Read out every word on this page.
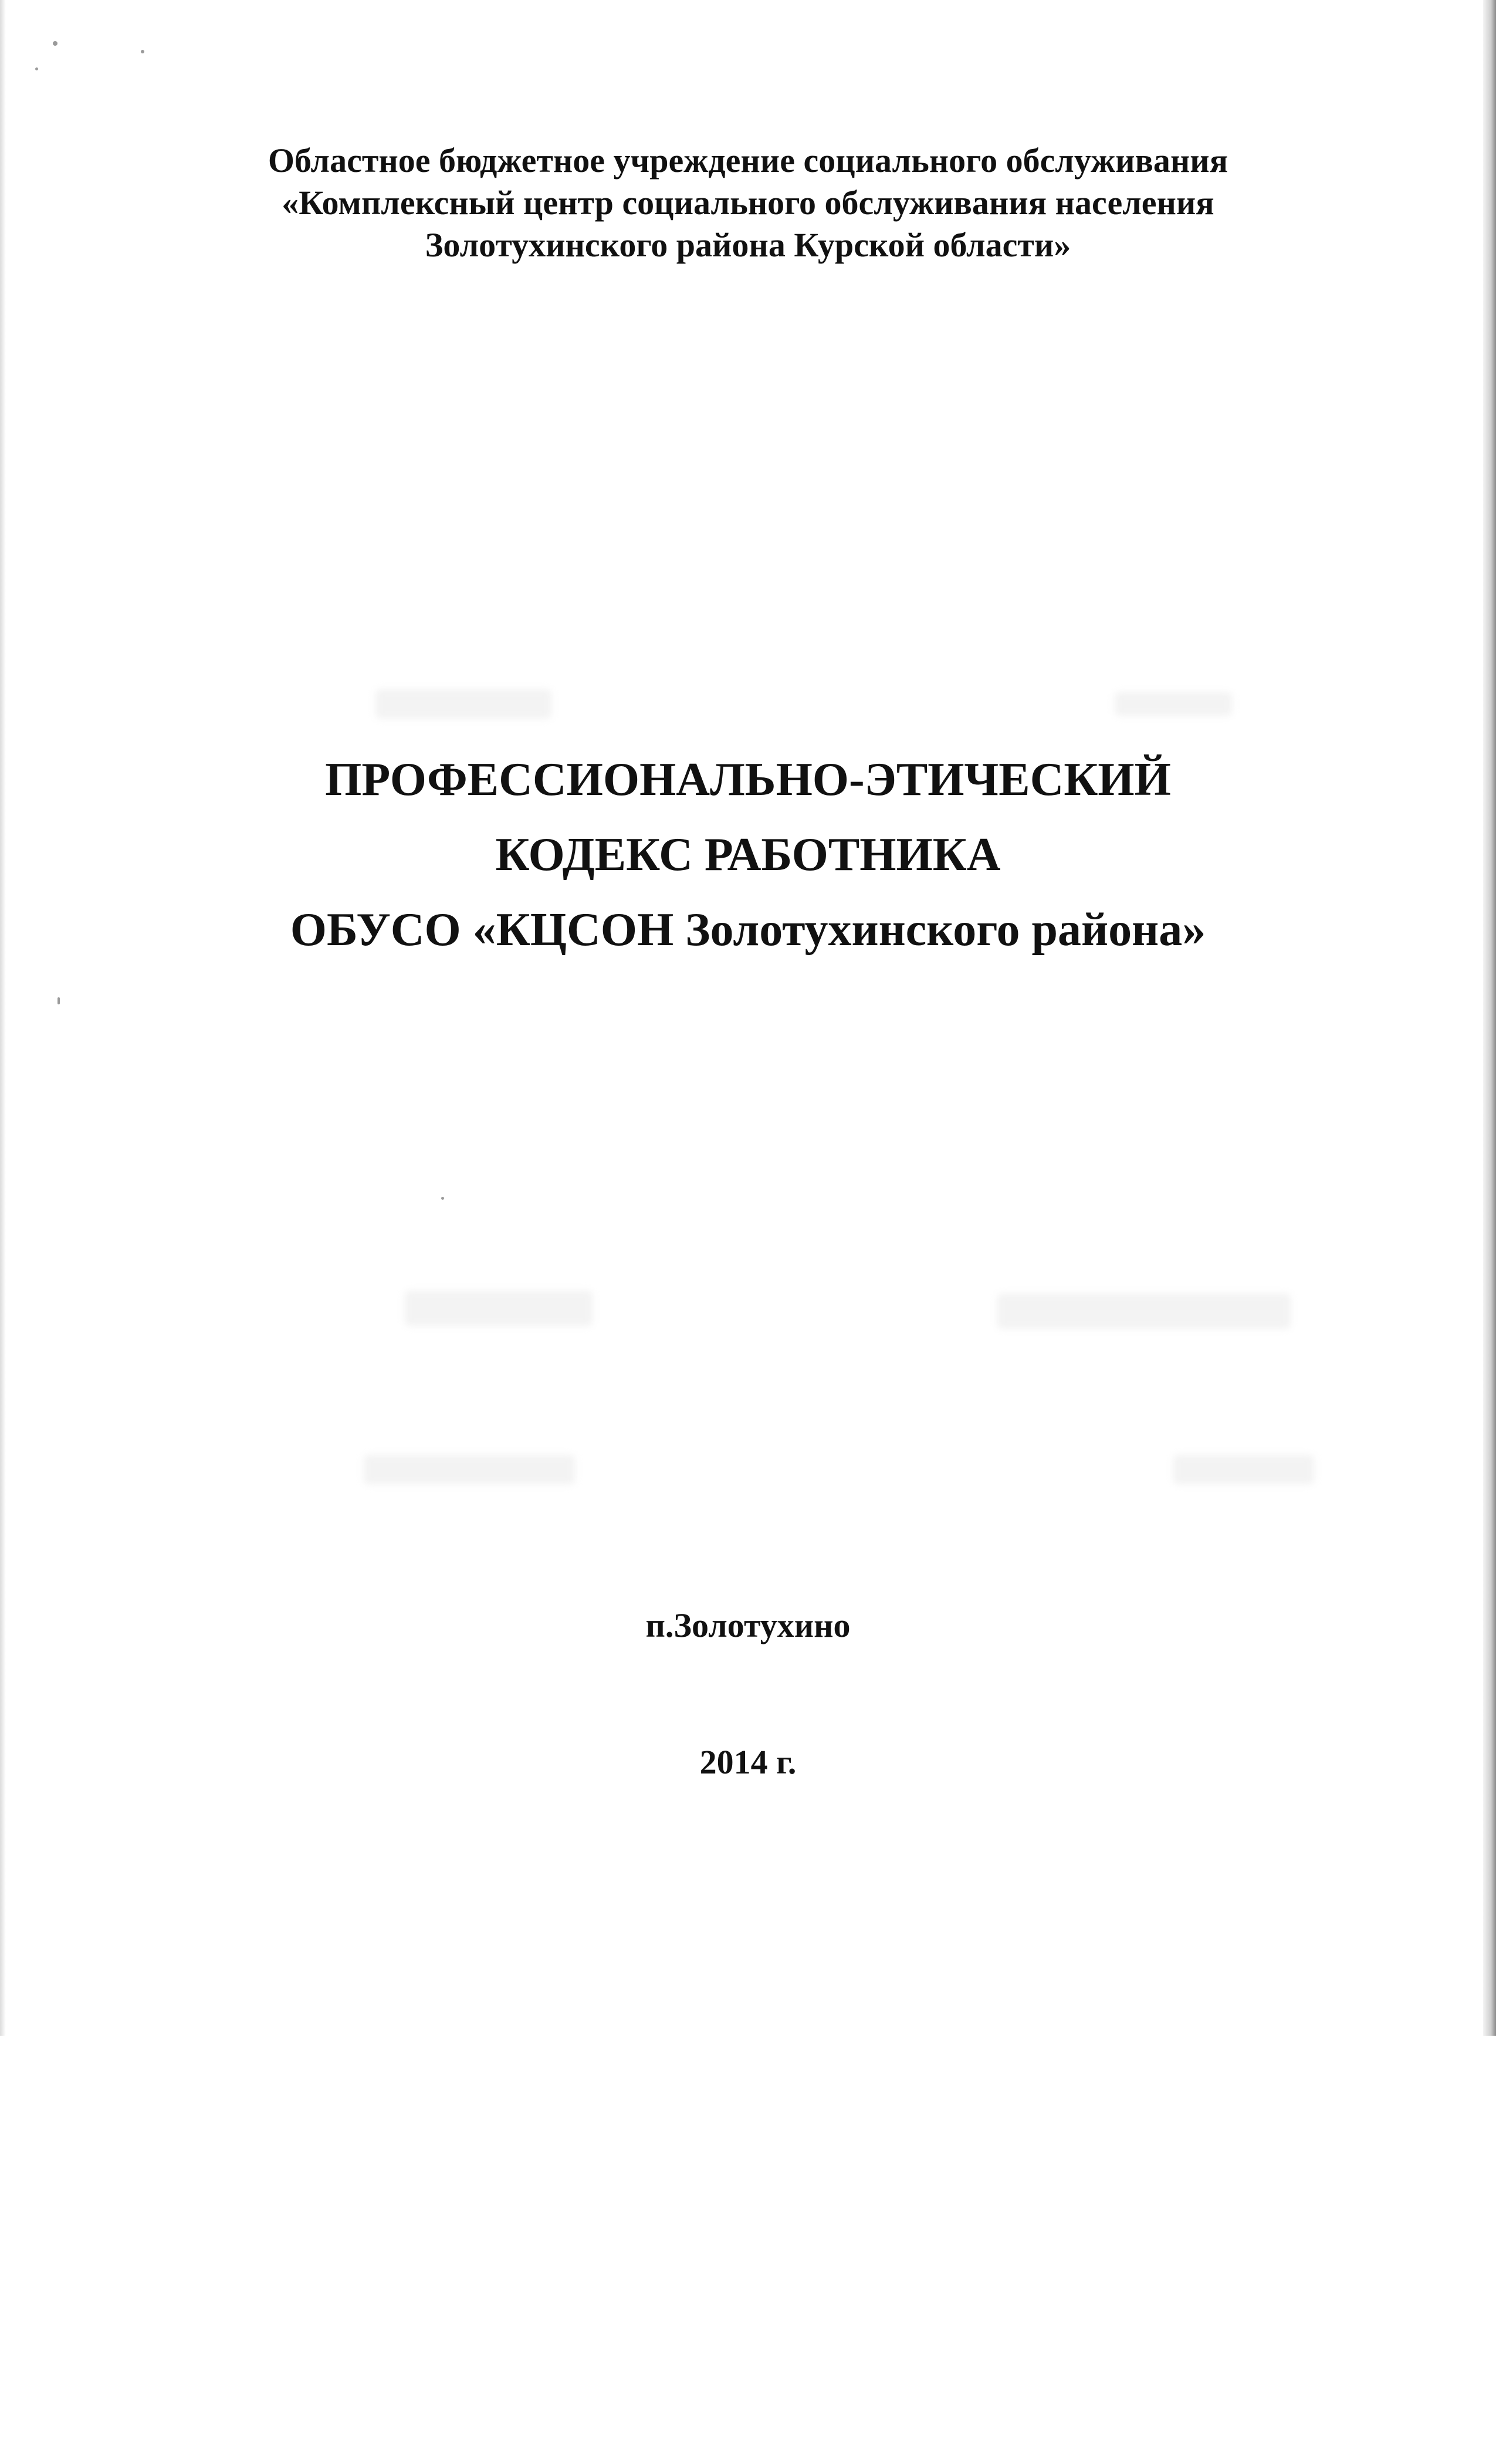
Областное бюджетное учреждение социального обслуживания
«Комплексный центр социального обслуживания населения
Золотухинского района Курской области»
ПРОФЕССИОНАЛЬНО-ЭТИЧЕСКИЙ
КОДЕКС РАБОТНИКА
ОБУСО «КЦСОН Золотухинского района»
п.Золотухино
2014 г.
